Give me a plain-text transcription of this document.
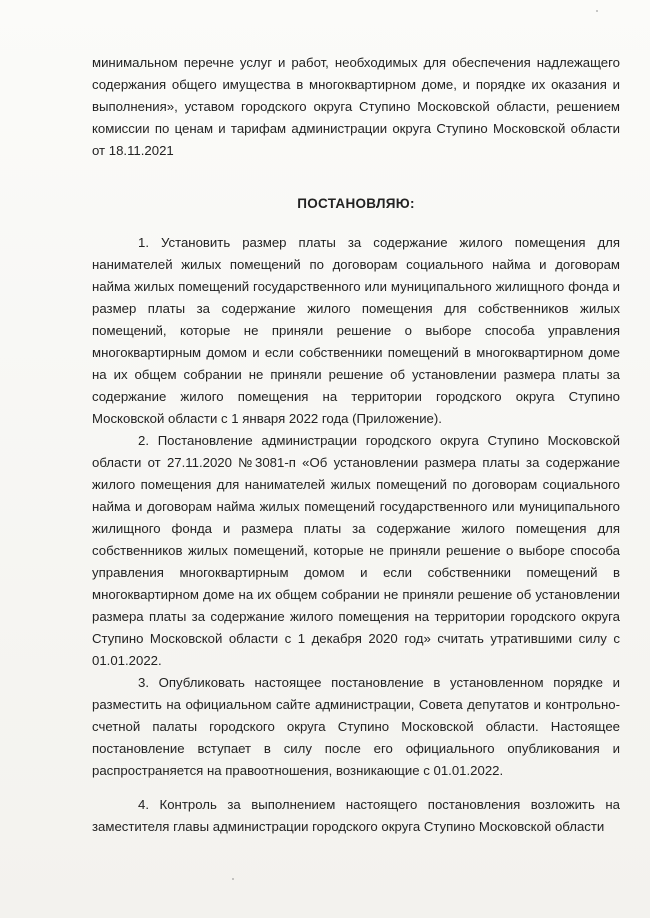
минимальном перечне услуг и работ, необходимых для обеспечения надлежащего содержания общего имущества в многоквартирном доме, и порядке их оказания и выполнения», уставом городского округа Ступино Московской области, решением комиссии по ценам и тарифам администрации округа Ступино Московской области от 18.11.2021

ПОСТАНОВЛЯЮ:

1. Установить размер платы за содержание жилого помещения для нанимателей жилых помещений по договорам социального найма и договорам найма жилых помещений государственного или муниципального жилищного фонда и размер платы за содержание жилого помещения для собственников жилых помещений, которые не приняли решение о выборе способа управления многоквартирным домом и если собственники помещений в многоквартирном доме на их общем собрании не приняли решение об установлении размера платы за содержание жилого помещения на территории городского округа Ступино Московской области с 1 января 2022 года (Приложение).

2. Постановление администрации городского округа Ступино Московской области от 27.11.2020 №3081-п «Об установлении размера платы за содержание жилого помещения для нанимателей жилых помещений по договорам социального найма и договорам найма жилых помещений государственного или муниципального жилищного фонда и размера платы за содержание жилого помещения для собственников жилых помещений, которые не приняли решение о выборе способа управления многоквартирным домом и если собственники помещений в многоквартирном доме на их общем собрании не приняли решение об установлении размера платы за содержание жилого помещения на территории городского округа Ступино Московской области с 1 декабря 2020 год» считать утратившими силу с 01.01.2022.

3. Опубликовать настоящее постановление в установленном порядке и разместить на официальном сайте администрации, Совета депутатов и контрольно-счетной палаты городского округа Ступино Московской области. Настоящее постановление вступает в силу после его официального опубликования и распространяется на правоотношения, возникающие с 01.01.2022.

4. Контроль за выполнением настоящего постановления возложить на заместителя главы администрации городского округа Ступино Московской области
